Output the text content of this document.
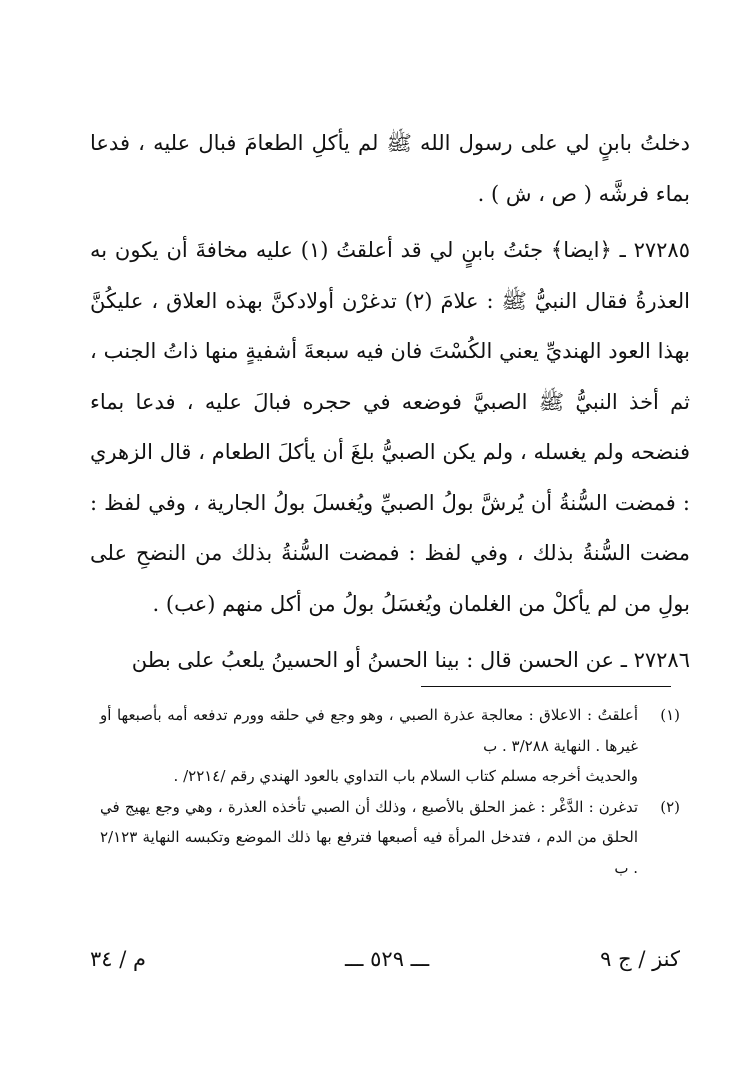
دخلتُ بابنٍ لي على رسول الله ﷺ لم يأكلِ الطعامَ فبال عليه ، فدعا بماء فرشَّه ( ص ، ش ) .

٢٧٢٨٥ ـ ﴿ايضا﴾ جئتُ بابنٍ لي قد أعلقتُ (١) عليه مخافةَ أن يكون به العذرةُ فقال النبيُّ ﷺ : علامَ (٢) تدغرْن أولادكنَّ بهذه العلاق ، عليكُنَّ بهذا العود الهنديِّ يعني الكُسْتَ فان فيه سبعةَ أشفيةٍ منها ذاتُ الجنب ، ثم أخذ النبيُّ ﷺ الصبيَّ فوضعه في حجره فبالَ عليه ، فدعا بماء فنضحه ولم يغسله ، ولم يكن الصبيُّ بلغَ أن يأكلَ الطعام ، قال الزهري : فمضت السُّنةُ أن يُرشَّ بولُ الصبيِّ ويُغسلَ بولُ الجارية ، وفي لفظ : مضت السُّنةُ بذلك ، وفي لفظ : فمضت السُّنةُ بذلك من النضحِ على بولِ من لم يأكلْ من الغلمان ويُغسَلُ بولُ من أكل منهم (عب) .

٢٧٢٨٦ ـ عن الحسن قال : بينا الحسنُ أو الحسينُ يلعبُ على بطن

(١)

أعلقتُ : الاعلاق : معالجة عذرة الصبي ، وهو وجع في حلقه وورم تدفعه أمه بأصبعها أو غيرها . النهاية ٣/٢٨٨ . ب

والحديث أخرجه مسلم كتاب السلام باب التداوي بالعود الهندي رقم /٢٢١٤/ .

(٢)

تدغرن : الدَّغْر : غمز الحلق بالأصبع ، وذلك أن الصبي تأخذه العذرة ، وهي وجع يهيج في الحلق من الدم ، فتدخل المرأة فيه أصبعها فترفع بها ذلك الموضع وتكبسه النهاية ٢/١٢٣ . ب

م / ٣٤	ـــ ٥٢٩ ـــ	كنز / ج ٩
